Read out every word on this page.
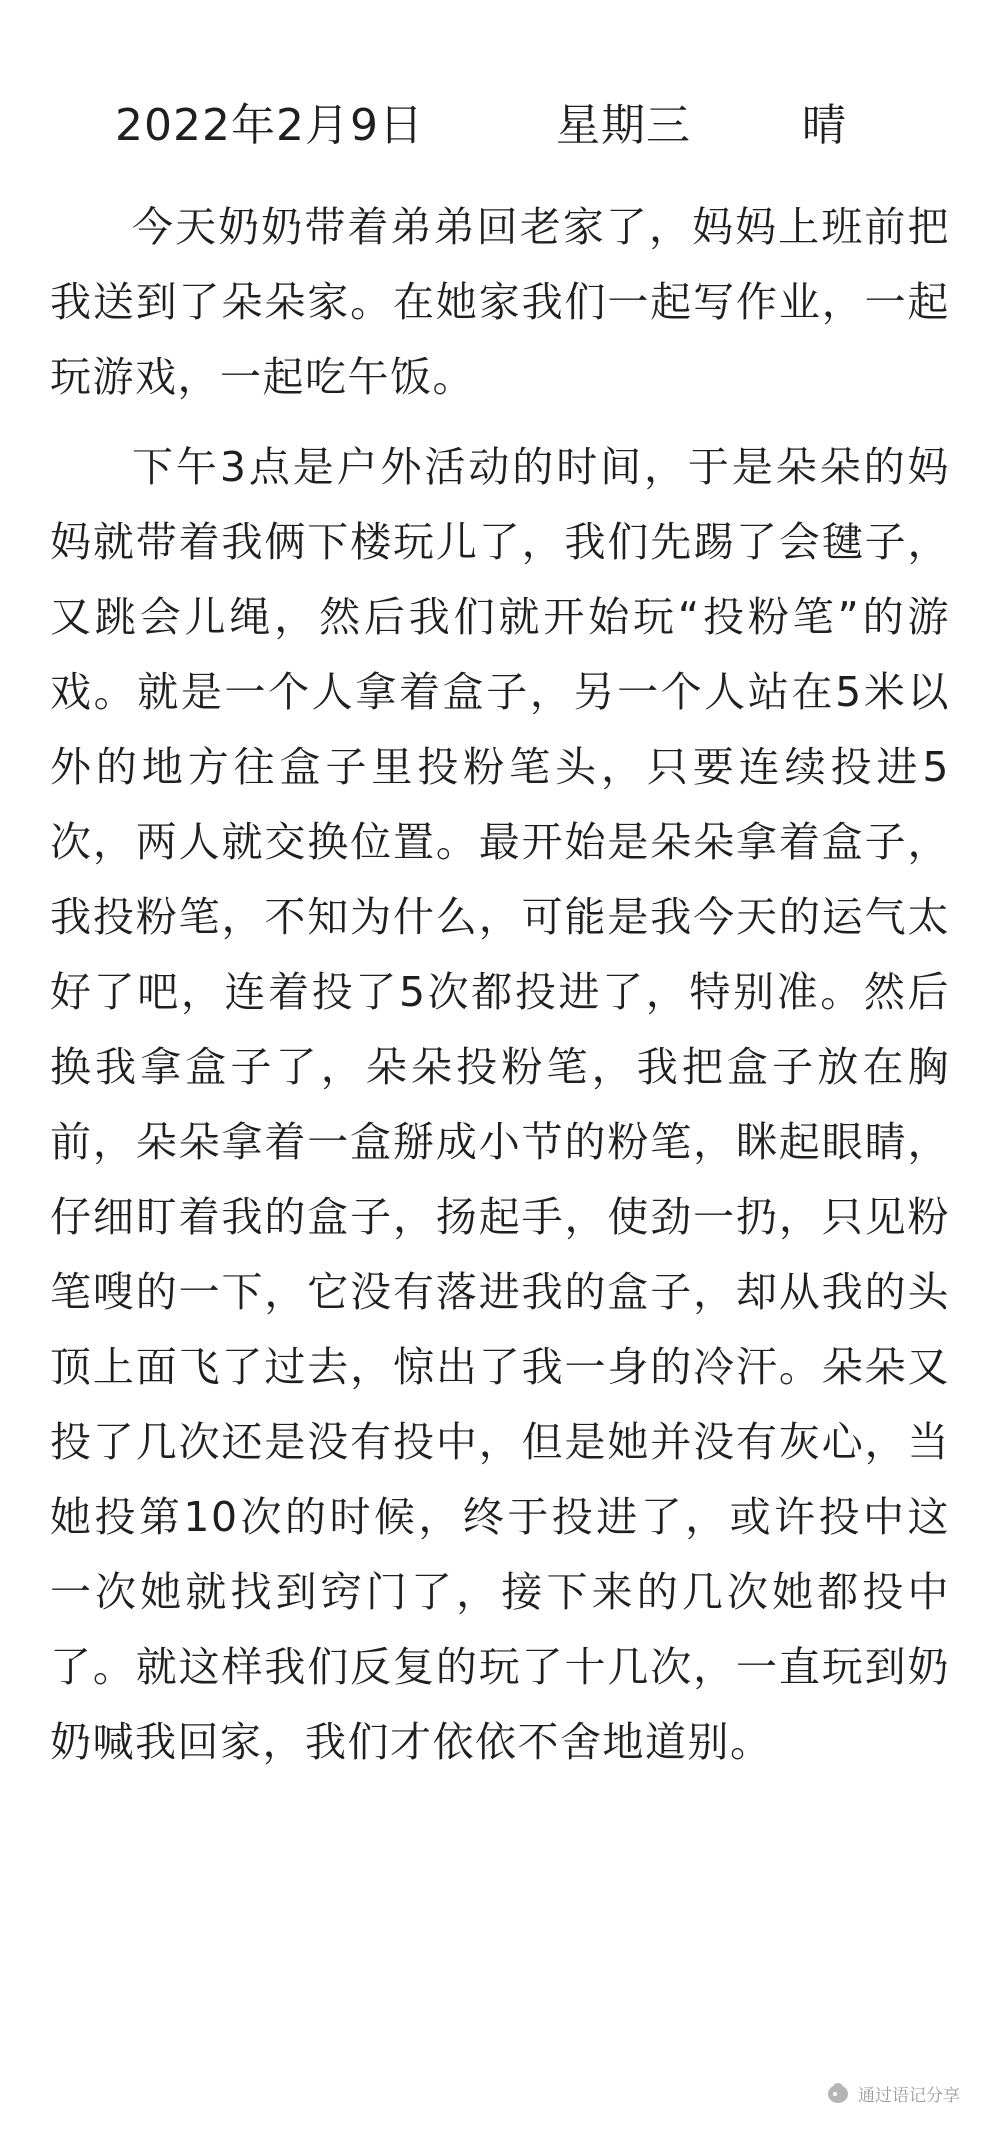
2022年2月9日	星期三	晴

今天奶奶带着弟弟回老家了，妈妈上班前把我送到了朵朵家。在她家我们一起写作业，一起玩游戏，一起吃午饭。

下午3点是户外活动的时间，于是朵朵的妈妈就带着我俩下楼玩儿了，我们先踢了会毽子，又跳会儿绳，然后我们就开始玩“投粉笔”的游戏。就是一个人拿着盒子，另一个人站在5米以外的地方往盒子里投粉笔头，只要连续投进5次，两人就交换位置。最开始是朵朵拿着盒子，我投粉笔，不知为什么，可能是我今天的运气太好了吧，连着投了5次都投进了，特别准。然后换我拿盒子了，朵朵投粉笔，我把盒子放在胸前，朵朵拿着一盒掰成小节的粉笔，眯起眼睛，仔细盯着我的盒子，扬起手，使劲一扔，只见粉笔嗖的一下，它没有落进我的盒子，却从我的头顶上面飞了过去，惊出了我一身的冷汗。朵朵又投了几次还是没有投中，但是她并没有灰心，当她投第10次的时候，终于投进了，或许投中这一次她就找到窍门了，接下来的几次她都投中了。就这样我们反复的玩了十几次，一直玩到奶奶喊我回家，我们才依依不舍地道别。

通过语记分享
